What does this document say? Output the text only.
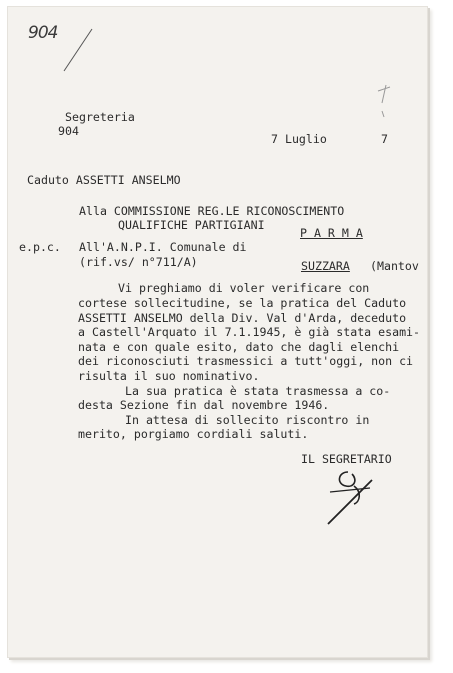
904
Segreteria
904
7 Luglio	7
Caduto ASSETTI ANSELMO
Alla COMMISSIONE REG.LE RICONOSCIMENTO
QUALIFICHE PARTIGIANI
P A R M A
e.p.c. All'A.N.P.I. Comunale di
(rif.vs/ n°711/A)	SUZZARA (Mantov
Vi preghiamo di voler verificare con
cortese sollecitudine, se la pratica del Caduto
ASSETTI ANSELMO della Div. Val d'Arda, deceduto
a Castell'Arquato il 7.1.1945, è già stata esami-
nata e con quale esito, dato che dagli elenchi
dei riconosciuti trasmessici a tutt'oggi, non ci
risulta il suo nominativo.
La sua pratica è stata trasmessa a co-
desta Sezione fin dal novembre 1946.
In attesa di sollecito riscontro in
merito, porgiamo cordiali saluti.
IL SEGRETARIO
